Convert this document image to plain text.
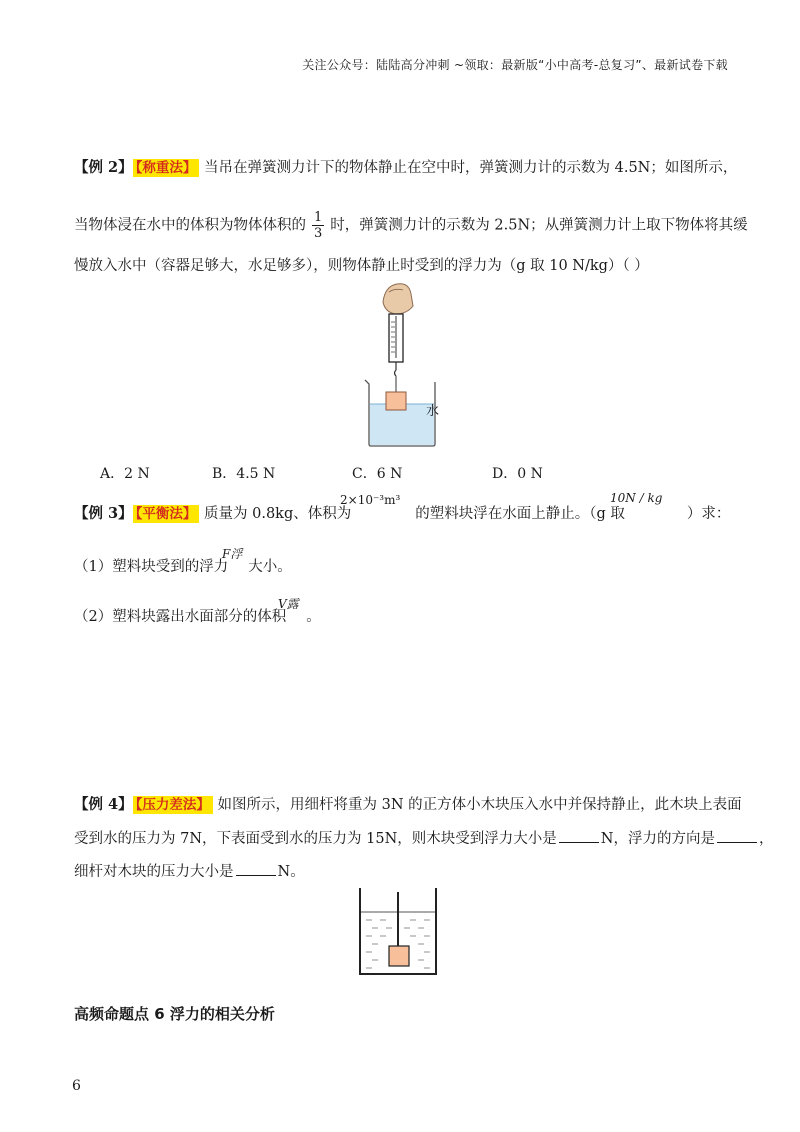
关注公众号：陆陆高分冲刺 ~领取：最新版“小中高考-总复习”、最新试卷下载
【例 2】 【称重法】 当吊在弹簧测力计下的物体静止在空中时，弹簧测力计的示数为 4.5N；如图所示，
当物体浸在水中的体积为物体体积的 $\frac{1}{3}$ 时，弹簧测力计的示数为 2.5N；从弹簧测力计上取下物体将其缓
慢放入水中（容器足够大，水足够多），则物体静止时受到的浮力为（g 取 10 N/kg）（ ）
水
A．2 N	B．4.5 N	C．6 N	D．0 N
【例 3】 【平衡法】 质量为 0.8kg、体积为	的塑料块浮在水面上静止。（g 取	）求：
2×10⁻³m³	10N / kg
（1）塑料块受到的浮力 大小。
F浮
（2）塑料块露出水面部分的体积 。
V露
【例 4】 【压力差法】 如图所示，用细杆将重为 3N 的正方体小木块压入水中并保持静止，此木块上表面
受到水的压力为 7N，下表面受到水的压力为 15N，则木块受到浮力大小是	N，浮力的方向是	，
细杆对木块的压力大小是	N。
高频命题点 6 浮力的相关分析
6
